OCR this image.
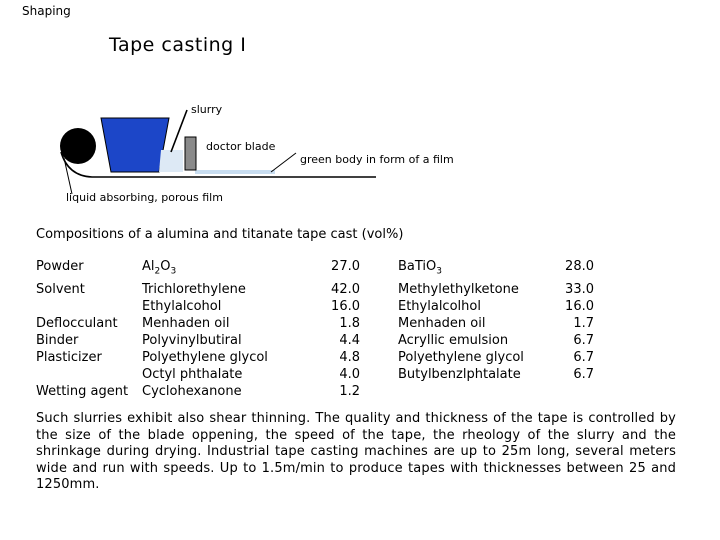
Shaping
Tape casting I
slurry
doctor blade
green body in form of a film
liquid absorbing, porous film
Compositions of a alumina and titanate tape cast (vol%)
Powder	$Al_2O_3$	27.0	BaTiO$_3$	28.0
Solvent	Trichlorethylene	42.0	Methylethylketone	33.0
	Ethylalcohol	16.0	Ethylalcolhol	16.0
Deflocculant	Menhaden oil	1.8	Menhaden oil	1.7
Binder	Polyvinylbutiral	4.4	Acryllic emulsion	6.7
Plasticizer	Polyethylene glycol	4.8	Polyethylene glycol	6.7
	Octyl phthalate	4.0	Butylbenzlphtalate	6.7
Wetting agent	Cyclohexanone	1.2		
Such slurries exhibit also shear thinning. The quality and thickness of the tape is controlled by the size of the blade oppening, the speed of the tape, the rheology of the slurry and the shrinkage during drying. Industrial tape casting machines are up to 25m long, several meters wide and run with speeds. Up to 1.5m/min to produce tapes with thicknesses between 25 and 1250mm.
